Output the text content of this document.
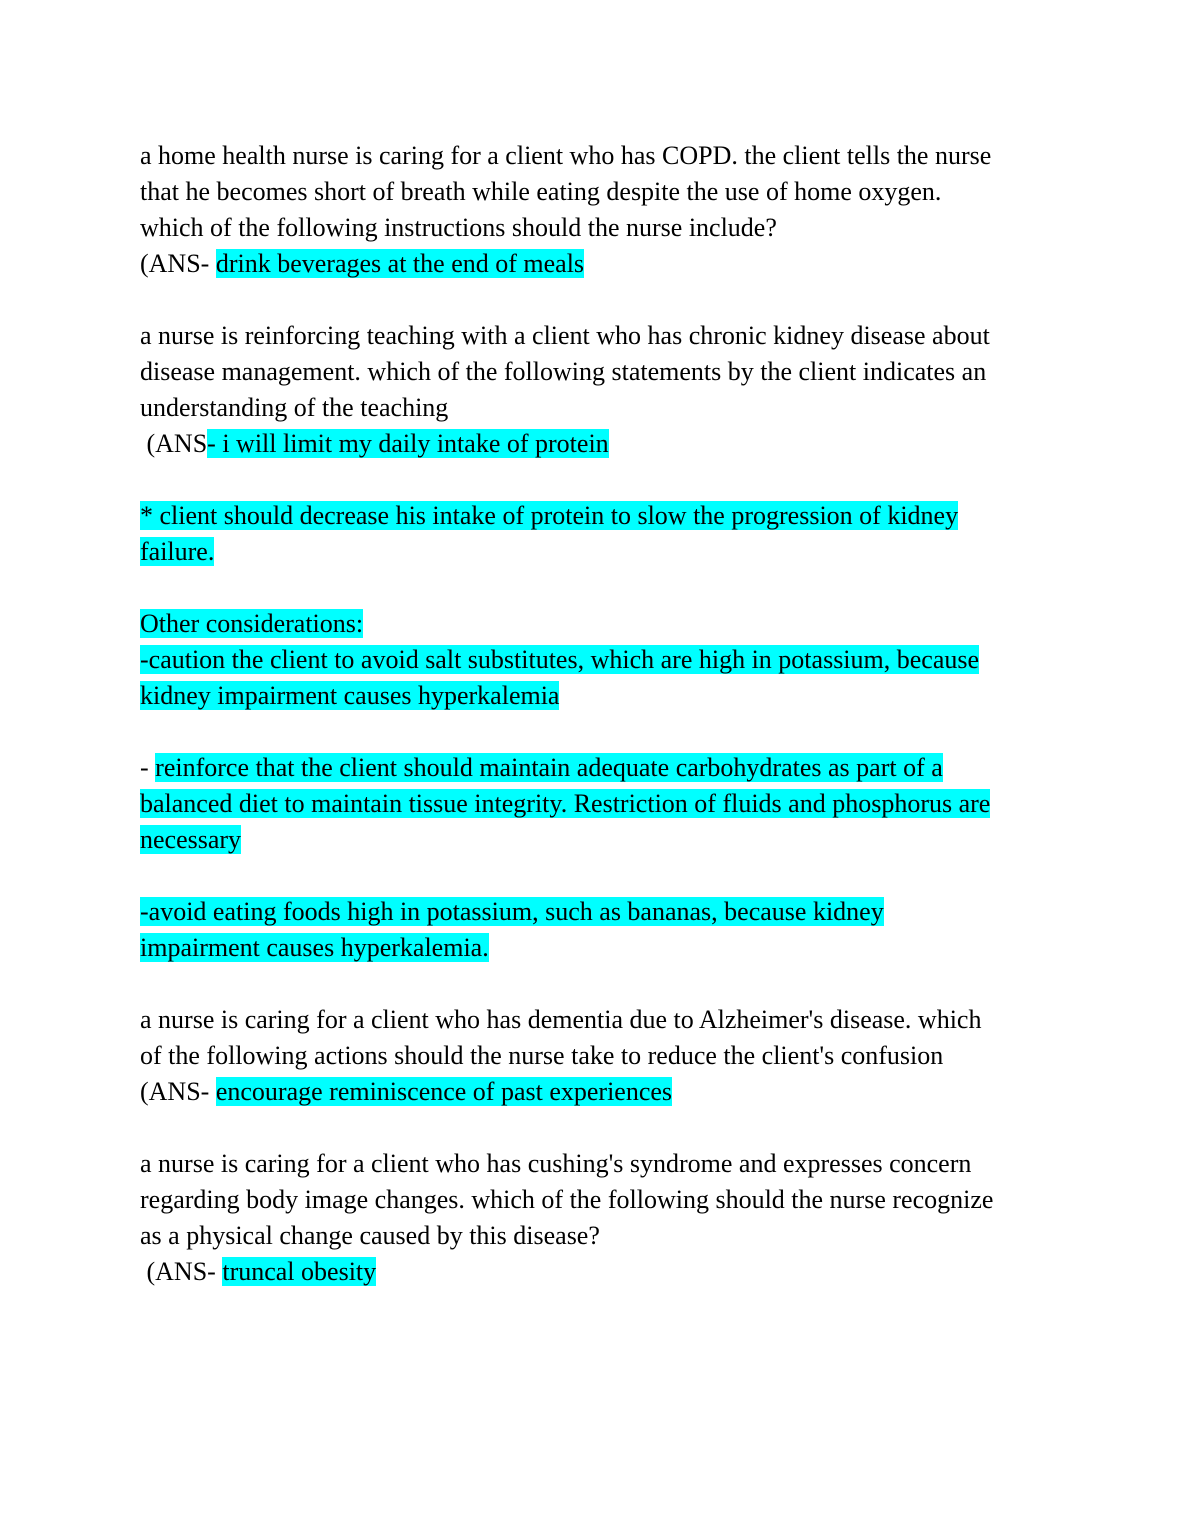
a home health nurse is caring for a client who has COPD. the client tells the nurse
that he becomes short of breath while eating despite the use of home oxygen.
which of the following instructions should the nurse include?
(ANS- drink beverages at the end of meals
a nurse is reinforcing teaching with a client who has chronic kidney disease about
disease management. which of the following statements by the client indicates an
understanding of the teaching
(ANS- i will limit my daily intake of protein
* client should decrease his intake of protein to slow the progression of kidney
failure.
Other considerations:
-caution the client to avoid salt substitutes, which are high in potassium, because
kidney impairment causes hyperkalemia
- reinforce that the client should maintain adequate carbohydrates as part of a
balanced diet to maintain tissue integrity. Restriction of fluids and phosphorus are
necessary
-avoid eating foods high in potassium, such as bananas, because kidney
impairment causes hyperkalemia.
a nurse is caring for a client who has dementia due to Alzheimer's disease. which
of the following actions should the nurse take to reduce the client's confusion
(ANS- encourage reminiscence of past experiences
a nurse is caring for a client who has cushing's syndrome and expresses concern
regarding body image changes. which of the following should the nurse recognize
as a physical change caused by this disease?
(ANS- truncal obesity
